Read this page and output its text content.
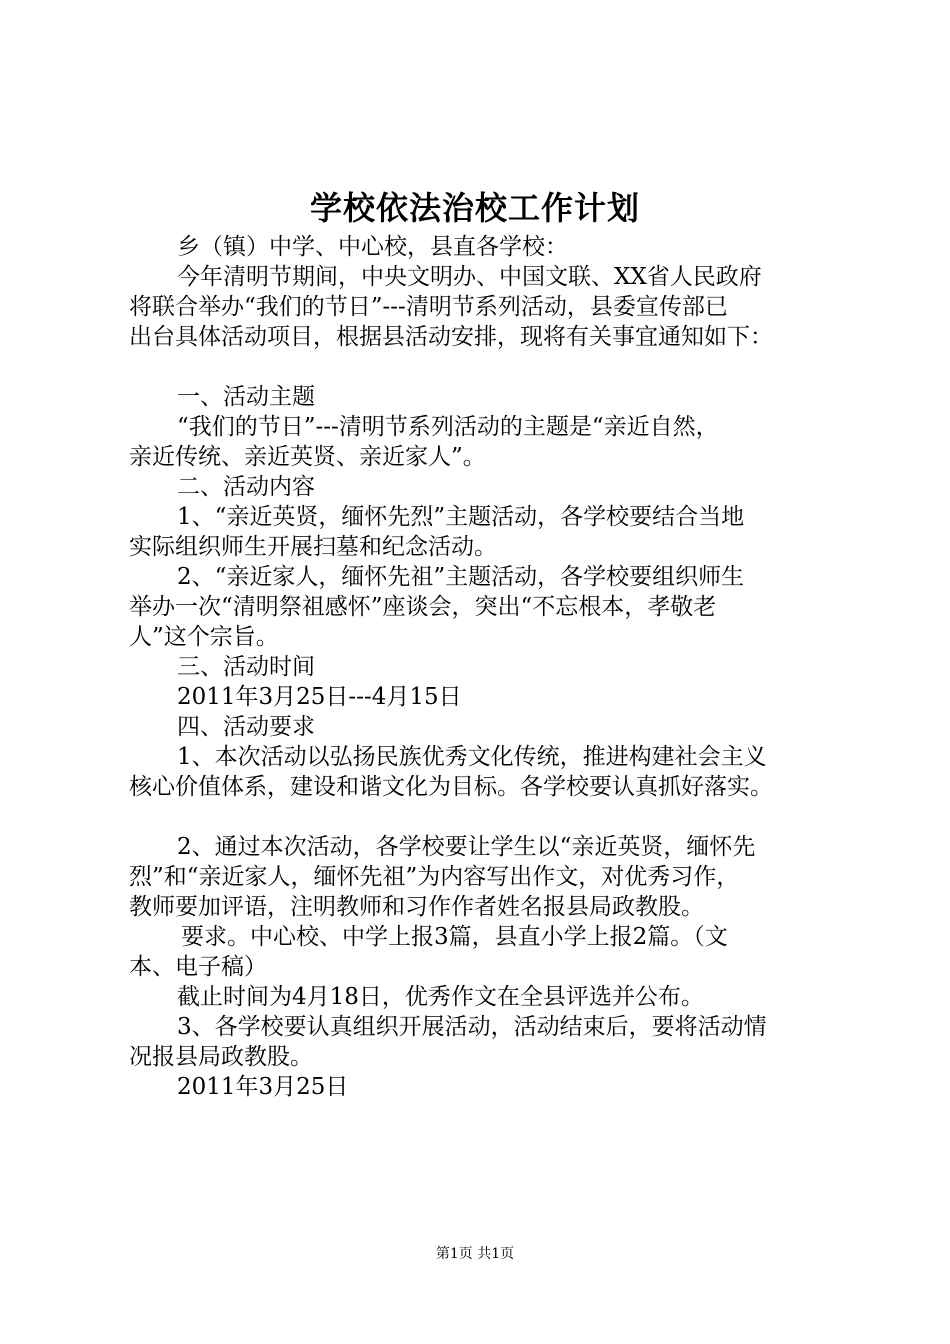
学校依法治校工作计划

乡（镇）中学、中心校，县直各学校：

今年清明节期间，中央文明办、中国文联、XX省人民政府

将联合举办“我们的节日”---清明节系列活动，县委宣传部已

出台具体活动项目，根据县活动安排，现将有关事宜通知如下：

一、活动主题

“我们的节日”---清明节系列活动的主题是“亲近自然，

亲近传统、亲近英贤、亲近家人”。

二、活动内容

1、“亲近英贤，缅怀先烈”主题活动，各学校要结合当地

实际组织师生开展扫墓和纪念活动。

2、“亲近家人，缅怀先祖”主题活动，各学校要组织师生

举办一次“清明祭祖感怀”座谈会，突出“不忘根本，孝敬老

人”这个宗旨。

三、活动时间

2011年3月25日---4月15日

四、活动要求

1、本次活动以弘扬民族优秀文化传统，推进构建社会主义

核心价值体系，建设和谐文化为目标。各学校要认真抓好落实。

2、通过本次活动，各学校要让学生以“亲近英贤，缅怀先

烈”和“亲近家人，缅怀先祖”为内容写出作文，对优秀习作，

教师要加评语，注明教师和习作作者姓名报县局政教股。

要求。中心校、中学上报3篇，县直小学上报2篇。（文

本、电子稿）

截止时间为4月18日，优秀作文在全县评选并公布。

3、各学校要认真组织开展活动，活动结束后，要将活动情

况报县局政教股。

2011年3月25日

第1页 共1页
